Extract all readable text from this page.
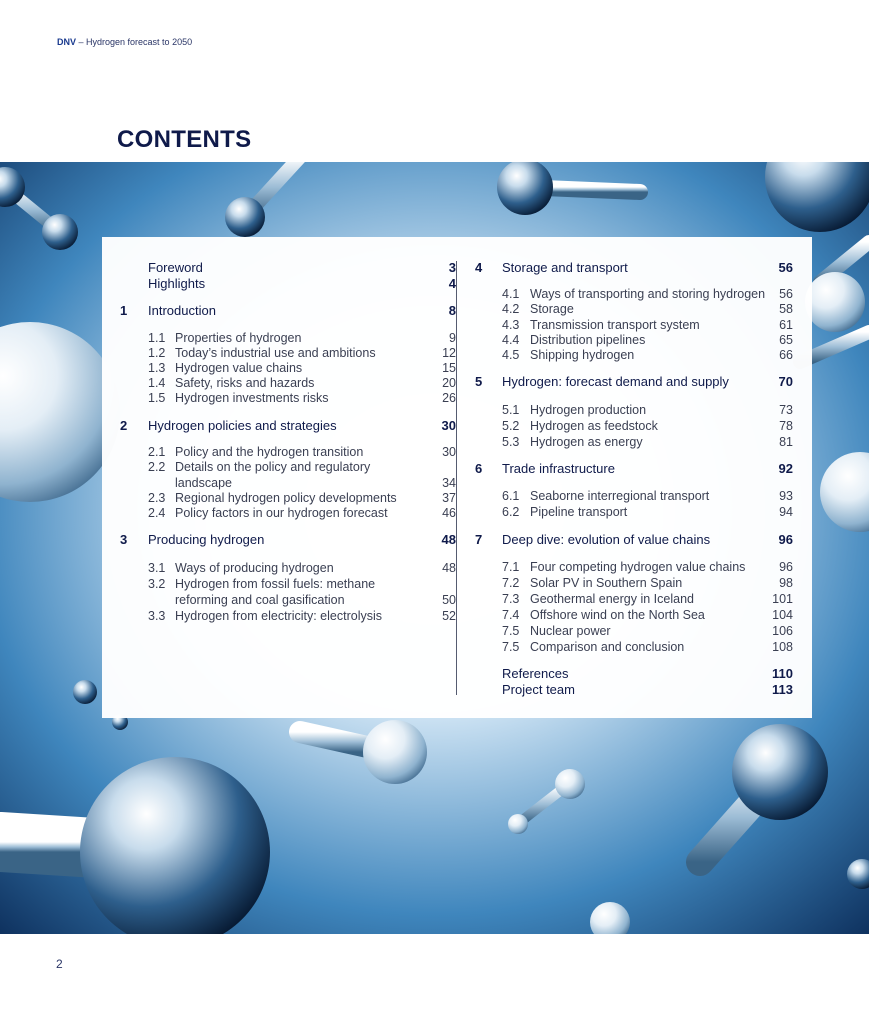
DNV – Hydrogen forecast to 2050
CONTENTS
Foreword	3
Highlights	4
1 Introduction	8
1.1 Properties of hydrogen	9
1.2 Today’s industrial use and ambitions	12
1.3 Hydrogen value chains	15
1.4 Safety, risks and hazards	20
1.5 Hydrogen investments risks	26
2 Hydrogen policies and strategies	30
2.1 Policy and the hydrogen transition	30
2.2 Details on the policy and regulatory
landscape	34
2.3 Regional hydrogen policy developments	37
2.4 Policy factors in our hydrogen forecast	46
3 Producing hydrogen	48
3.1 Ways of producing hydrogen	48
3.2 Hydrogen from fossil fuels: methane
reforming and coal gasification	50
3.3 Hydrogen from electricity: electrolysis	52
4 Storage and transport	56
4.1 Ways of transporting and storing hydrogen 56
4.2 Storage	58
4.3 Transmission transport system	61
4.4 Distribution pipelines	65
4.5 Shipping hydrogen	66
5 Hydrogen: forecast demand and supply	70
5.1 Hydrogen production	73
5.2 Hydrogen as feedstock	78
5.3 Hydrogen as energy	81
6 Trade infrastructure	92
6.1 Seaborne interregional transport	93
6.2 Pipeline transport	94
7 Deep dive: evolution of value chains	96
7.1 Four competing hydrogen value chains	96
7.2 Solar PV in Southern Spain	98
7.3 Geothermal energy in Iceland	101
7.4 Offshore wind on the North Sea	104
7.5 Nuclear power	106
7.5 Comparison and conclusion	108
References	110
Project team	113
2
